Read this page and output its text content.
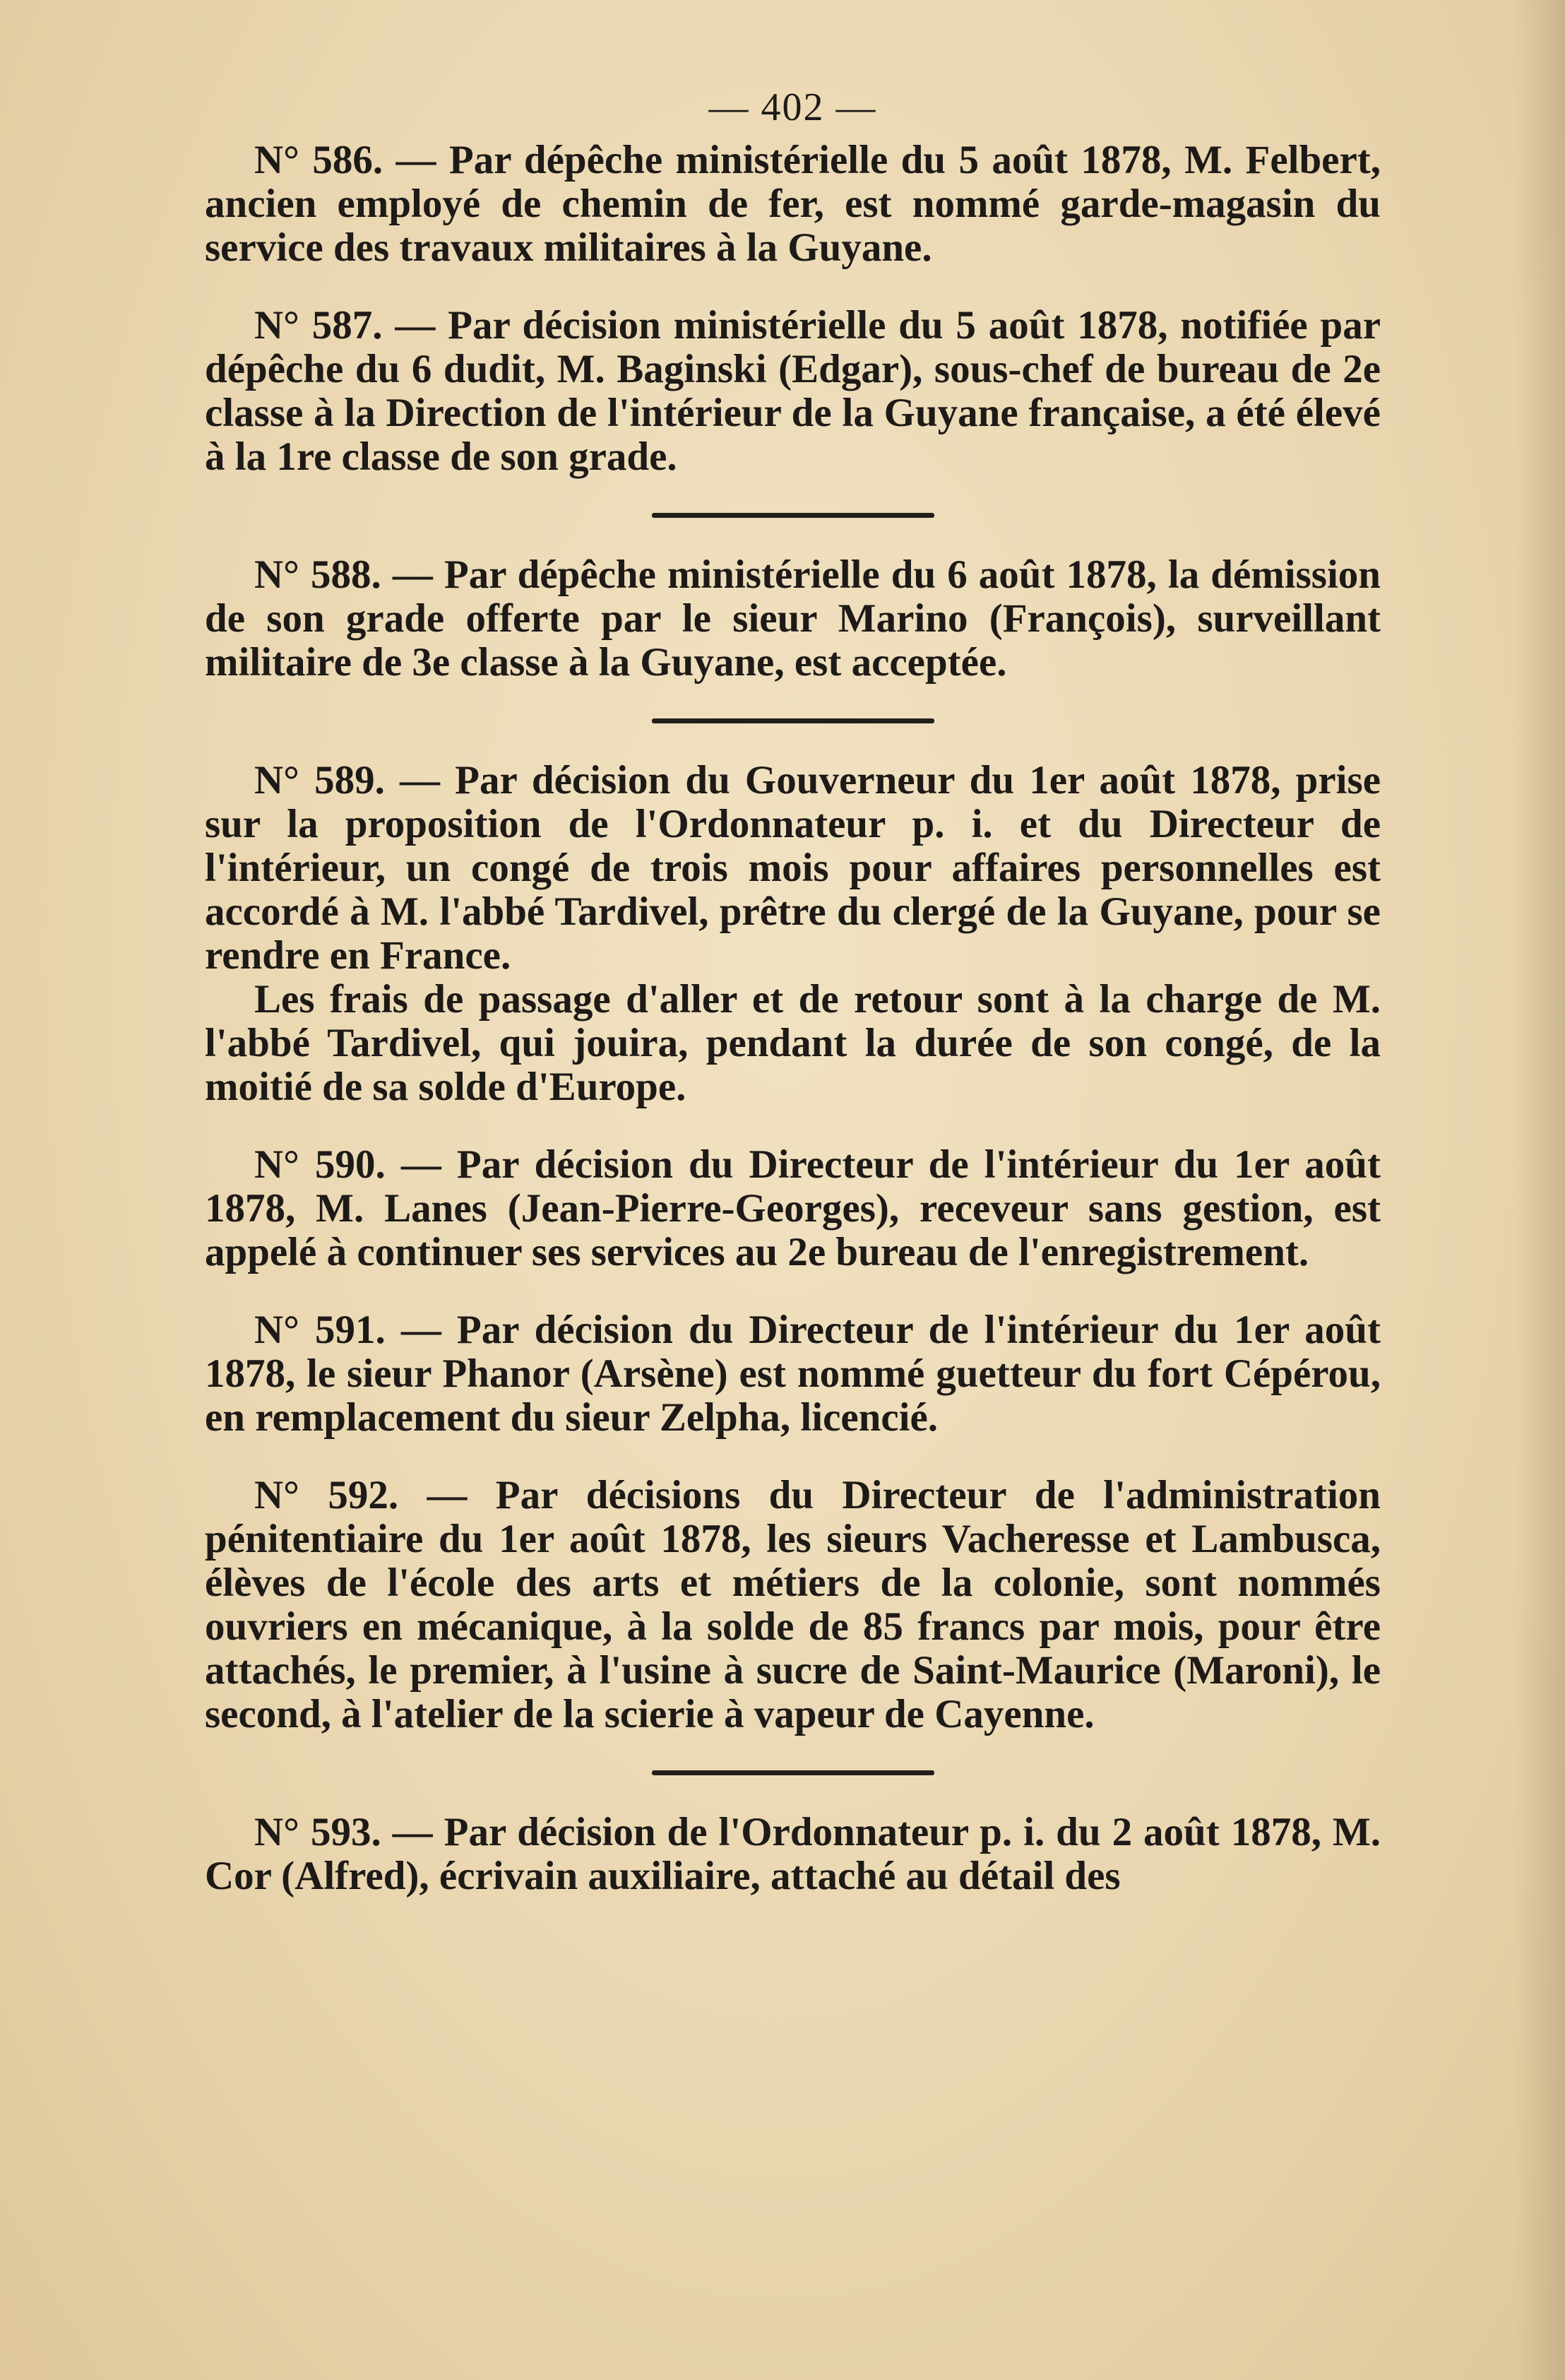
— 402 —

N° 586. — Par dépêche ministérielle du 5 août 1878, M. Felbert, ancien employé de chemin de fer, est nommé garde-magasin du service des travaux militaires à la Guyane.

N° 587. — Par décision ministérielle du 5 août 1878, notifiée par dépêche du 6 dudit, M. Baginski (Edgar), sous-chef de bureau de 2e classe à la Direction de l'intérieur de la Guyane française, a été élevé à la 1re classe de son grade.

N° 588. — Par dépêche ministérielle du 6 août 1878, la démission de son grade offerte par le sieur Marino (François), surveillant militaire de 3e classe à la Guyane, est acceptée.

N° 589. — Par décision du Gouverneur du 1er août 1878, prise sur la proposition de l'Ordonnateur p. i. et du Directeur de l'intérieur, un congé de trois mois pour affaires personnelles est accordé à M. l'abbé Tardivel, prêtre du clergé de la Guyane, pour se rendre en France.

Les frais de passage d'aller et de retour sont à la charge de M. l'abbé Tardivel, qui jouira, pendant la durée de son congé, de la moitié de sa solde d'Europe.

N° 590. — Par décision du Directeur de l'intérieur du 1er août 1878, M. Lanes (Jean-Pierre-Georges), receveur sans gestion, est appelé à continuer ses services au 2e bureau de l'enregistrement.

N° 591. — Par décision du Directeur de l'intérieur du 1er août 1878, le sieur Phanor (Arsène) est nommé guetteur du fort Cépérou, en remplacement du sieur Zelpha, licencié.

N° 592. — Par décisions du Directeur de l'administration pénitentiaire du 1er août 1878, les sieurs Vacheresse et Lambusca, élèves de l'école des arts et métiers de la colonie, sont nommés ouvriers en mécanique, à la solde de 85 francs par mois, pour être attachés, le premier, à l'usine à sucre de Saint-Maurice (Maroni), le second, à l'atelier de la scierie à vapeur de Cayenne.

N° 593. — Par décision de l'Ordonnateur p. i. du 2 août 1878, M. Cor (Alfred), écrivain auxiliaire, attaché au détail des
